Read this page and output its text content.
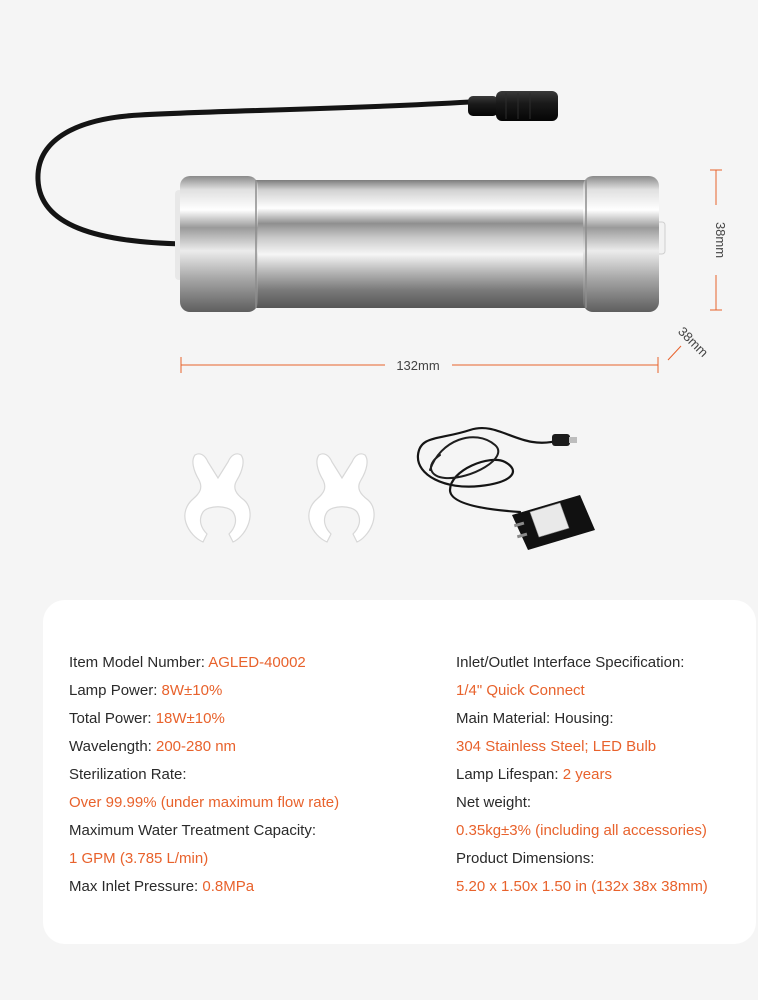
38mm
38mm
132mm
Item Model Number: AGLED-40002
Lamp Power: 8W±10%
Total Power: 18W±10%
Wavelength: 200-280 nm
Sterilization Rate:
Over 99.99% (under maximum flow rate)
Maximum Water Treatment Capacity:
1 GPM (3.785 L/min)
Max Inlet Pressure: 0.8MPa
Inlet/Outlet Interface Specification:
1/4" Quick Connect
Main Material: Housing:
304 Stainless Steel; LED Bulb
Lamp Lifespan: 2 years
Net weight:
0.35kg±3% (including all accessories)
Product Dimensions:
5.20 x 1.50x 1.50 in (132x 38x 38mm)
